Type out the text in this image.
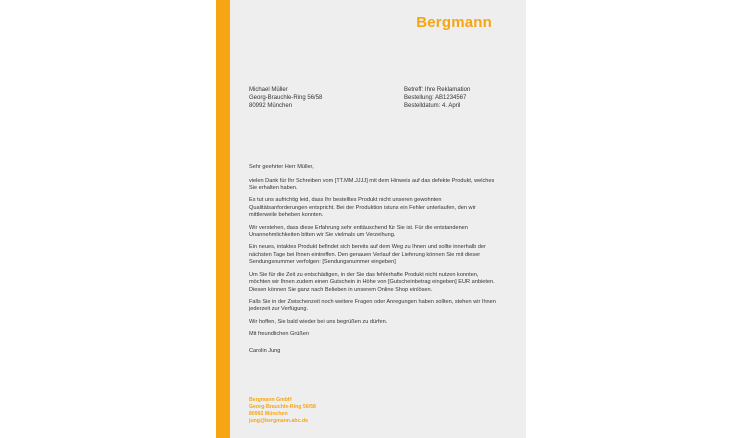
Bergmann
Michael Müller
Georg-Brauchle-Ring 56/58
80992 München
Betreff: Ihre Reklamation
Bestellung: AB1234567
Bestelldatum: 4. April

Sehr geehrter Herr Müller,

vielen Dank für Ihr Schreiben vom [TT.MM.JJJJ] mit dem Hinweis auf das defekte Produkt, welches Sie erhalten haben.

Es tut uns aufrichtig leid, dass Ihr bestelltes Produkt nicht unseren gewohnten Qualitätsanforderungen entspricht. Bei der Produktion istuns ein Fehler unterlaufen, den wir mittlerweile beheben konnten.

Wir verstehen, dass diese Erfahrung sehr enttäuschend für Sie ist. Für die entstandenen Unannehmlichkeiten bitten wir Sie vielmals um Verzeihung.

Ein neues, intaktes Produkt befindet sich bereits auf dem Weg zu Ihnen und sollte innerhalb der nächsten Tage bei Ihnen eintreffen. Den genauen Verlauf der Lieferung können Sie mit dieser Sendungsnummer verfolgen: [Sendungsnummer eingeben]

Um Sie für die Zeit zu entschädigen, in der Sie das fehlerhafte Produkt nicht nutzen konnten, möchten wir Ihnen zudem einen Gutschein in Höhe von [Gutscheinbetrag eingeben] EUR anbieten. Diesen können Sie ganz nach Belieben in unserem Online Shop einlösen.

Falls Sie in der Zwischenzeit noch weitere Fragen oder Anregungen haben sollten, stehen wir Ihnen jederzeit zur Verfügung.

Wir hoffen, Sie bald wieder bei uns begrüßen zu dürfen.

Mit freundlichen Grüßen

Carolin Jung

Bergmann GmbH
Georg-Brauchle-Ring 56/58
80992 München
jung@bergmann.abc.de
